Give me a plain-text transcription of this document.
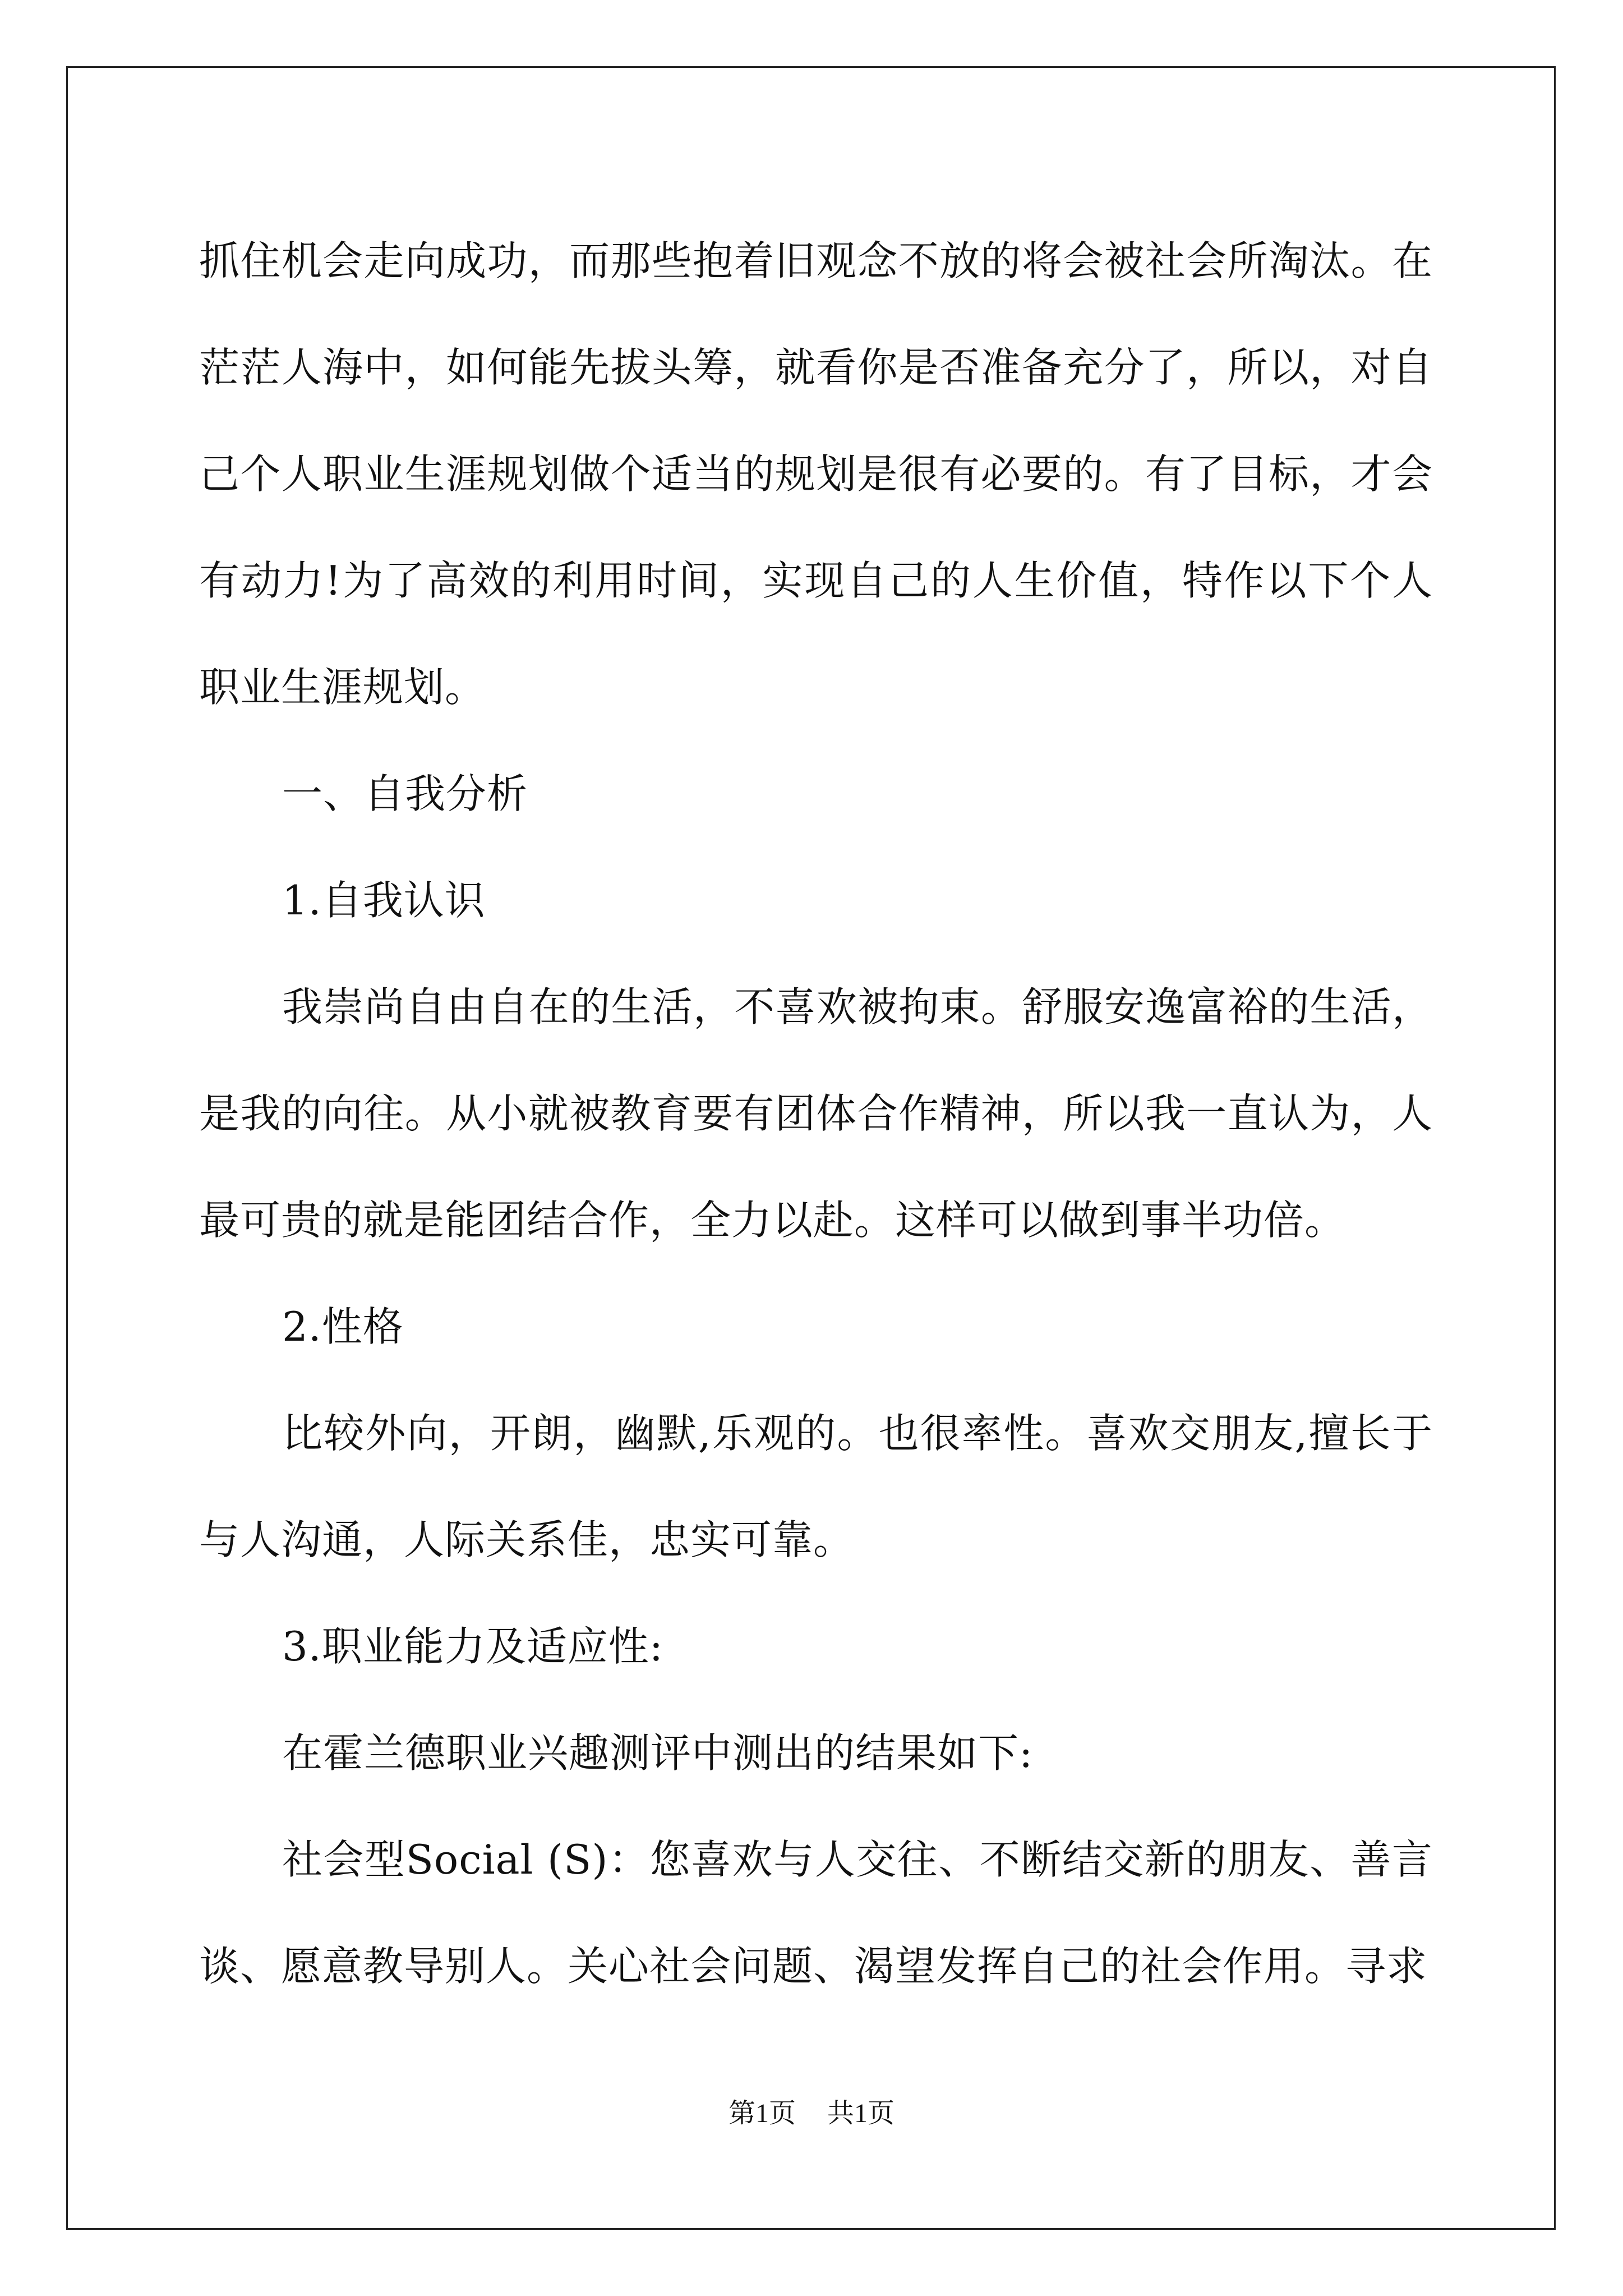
抓住机会走向成功，而那些抱着旧观念不放的将会被社会所淘汰。在茫茫人海中，如何能先拔头筹，就看你是否准备充分了，所以，对自己个人职业生涯规划做个适当的规划是很有必要的。有了目标，才会有动力!为了高效的利用时间，实现自己的人生价值，特作以下个人职业生涯规划。

一、自我分析

1.自我认识

我崇尚自由自在的生活，不喜欢被拘束。舒服安逸富裕的生活，是我的向往。从小就被教育要有团体合作精神，所以我一直认为，人最可贵的就是能团结合作，全力以赴。这样可以做到事半功倍。

2.性格

比较外向，开朗，幽默,乐观的。也很率性。喜欢交朋友,擅长于与人沟通，人际关系佳，忠实可靠。

3.职业能力及适应性:

在霍兰德职业兴趣测评中测出的结果如下:

社会型Social (S)：您喜欢与人交往、不断结交新的朋友、善言谈、愿意教导别人。关心社会问题、渴望发挥自己的社会作用。寻求

第1页 共1页
